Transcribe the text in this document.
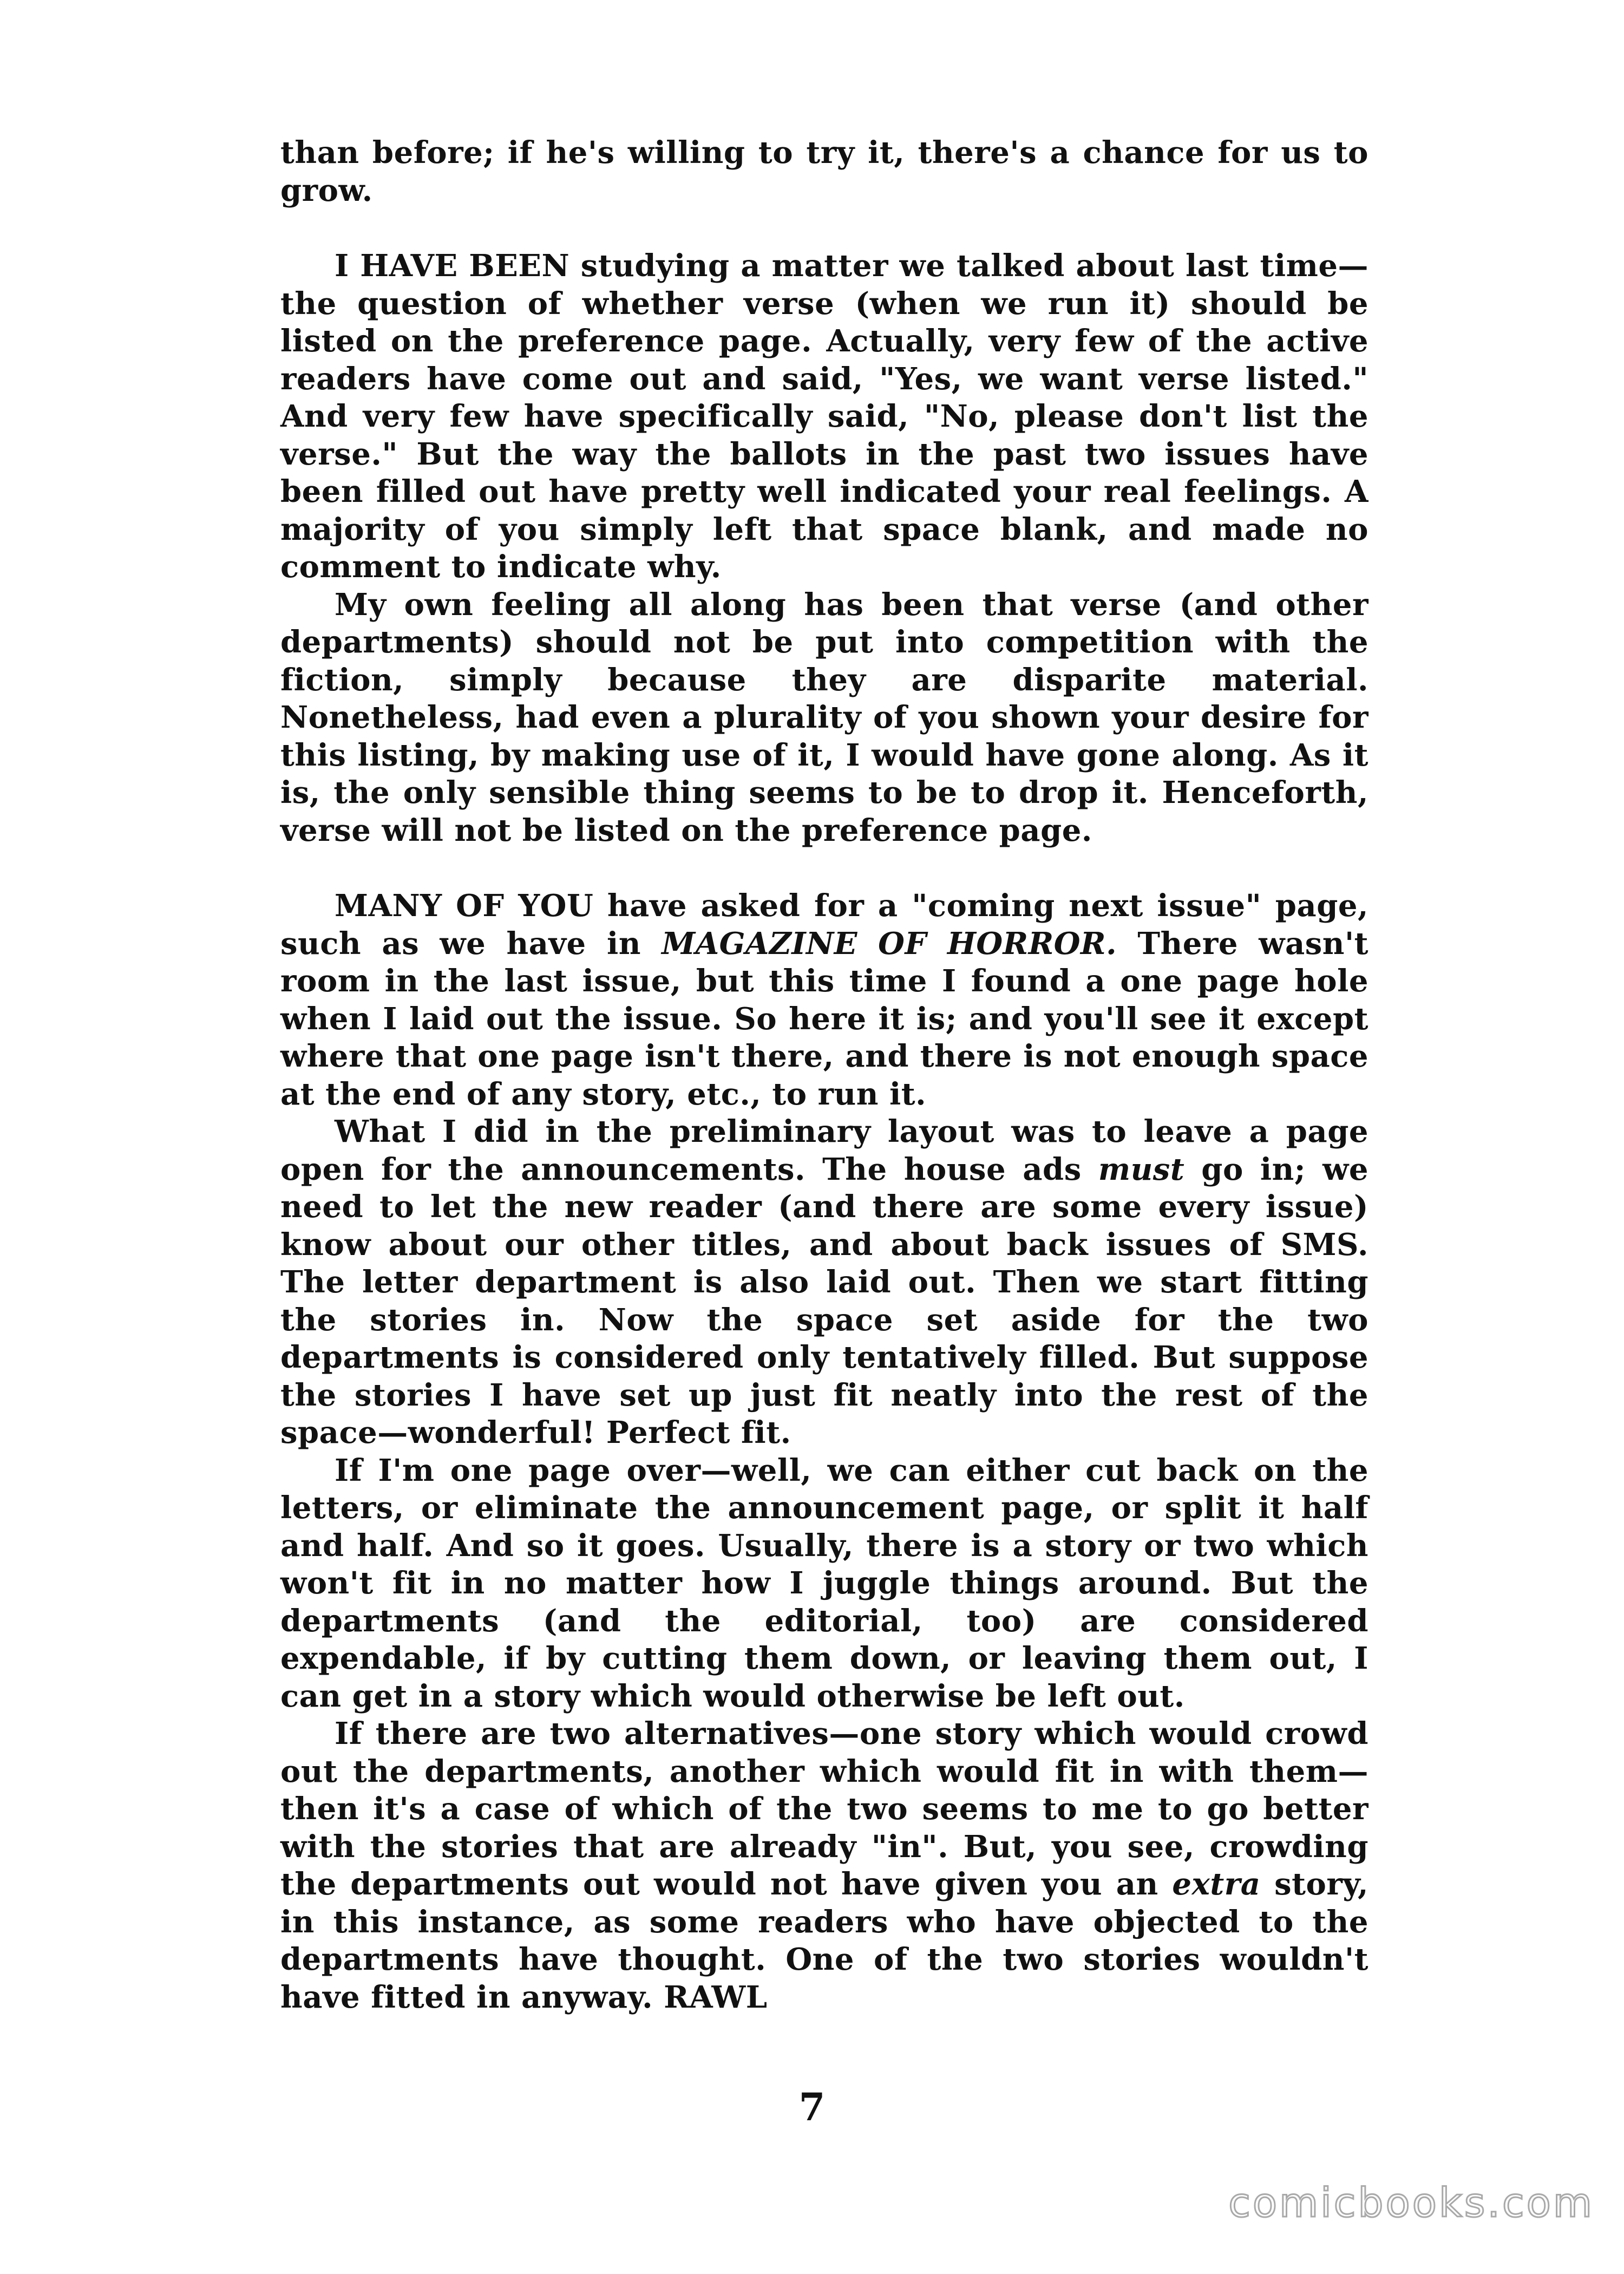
than before; if he's willing to try it, there's a chance for us to grow.

I HAVE BEEN studying a matter we talked about last time—the question of whether verse (when we run it) should be listed on the preference page. Actually, very few of the active readers have come out and said, "Yes, we want verse listed." And very few have specifically said, "No, please don't list the verse." But the way the ballots in the past two issues have been filled out have pretty well indicated your real feelings. A majority of you simply left that space blank, and made no comment to indicate why.

My own feeling all along has been that verse (and other departments) should not be put into competition with the fiction, simply because they are disparite material. Nonetheless, had even a plurality of you shown your desire for this listing, by making use of it, I would have gone along. As it is, the only sensible thing seems to be to drop it. Henceforth, verse will not be listed on the preference page.

MANY OF YOU have asked for a "coming next issue" page, such as we have in MAGAZINE OF HORROR. There wasn't room in the last issue, but this time I found a one page hole when I laid out the issue. So here it is; and you'll see it except where that one page isn't there, and there is not enough space at the end of any story, etc., to run it.

What I did in the preliminary layout was to leave a page open for the announcements. The house ads must go in; we need to let the new reader (and there are some every issue) know about our other titles, and about back issues of SMS. The letter department is also laid out. Then we start fitting the stories in. Now the space set aside for the two departments is considered only tentatively filled. But suppose the stories I have set up just fit neatly into the rest of the space—wonderful! Perfect fit.

If I'm one page over—well, we can either cut back on the letters, or eliminate the announcement page, or split it half and half. And so it goes. Usually, there is a story or two which won't fit in no matter how I juggle things around. But the departments (and the editorial, too) are considered expendable, if by cutting them down, or leaving them out, I can get in a story which would otherwise be left out.

If there are two alternatives—one story which would crowd out the departments, another which would fit in with them—then it's a case of which of the two seems to me to go better with the stories that are already "in". But, you see, crowding the departments out would not have given you an extra story, in this instance, as some readers who have objected to the departments have thought. One of the two stories wouldn't have fitted in anyway. RAWL

7
comicbooks.com
